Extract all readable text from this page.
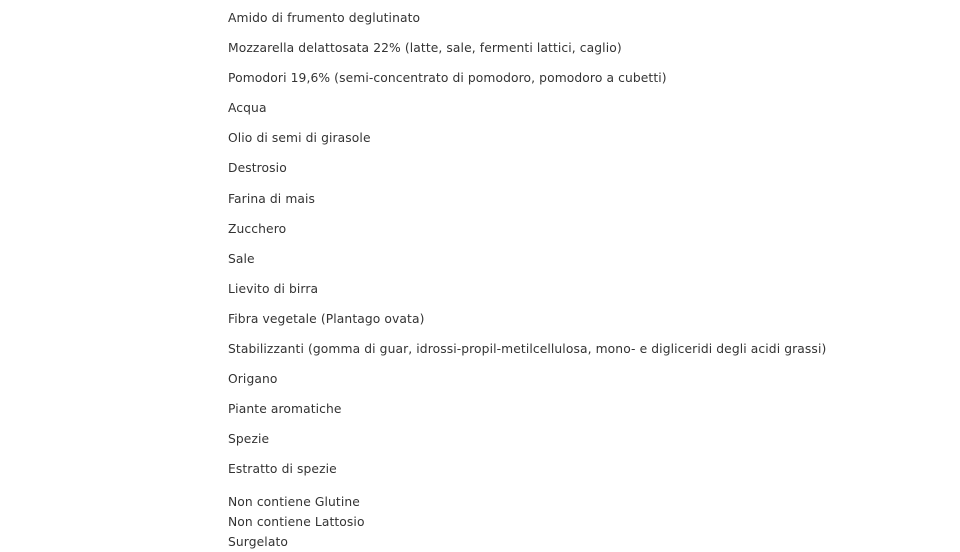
Amido di frumento deglutinato
Mozzarella delattosata 22% (latte, sale, fermenti lattici, caglio)
Pomodori 19,6% (semi-concentrato di pomodoro, pomodoro a cubetti)
Acqua
Olio di semi di girasole
Destrosio
Farina di mais
Zucchero
Sale
Lievito di birra
Fibra vegetale (Plantago ovata)
Stabilizzanti (gomma di guar, idrossi-propil-metilcellulosa, mono- e digliceridi degli acidi grassi)
Origano
Piante aromatiche
Spezie
Estratto di spezie
Non contiene Glutine
Non contiene Lattosio
Surgelato
